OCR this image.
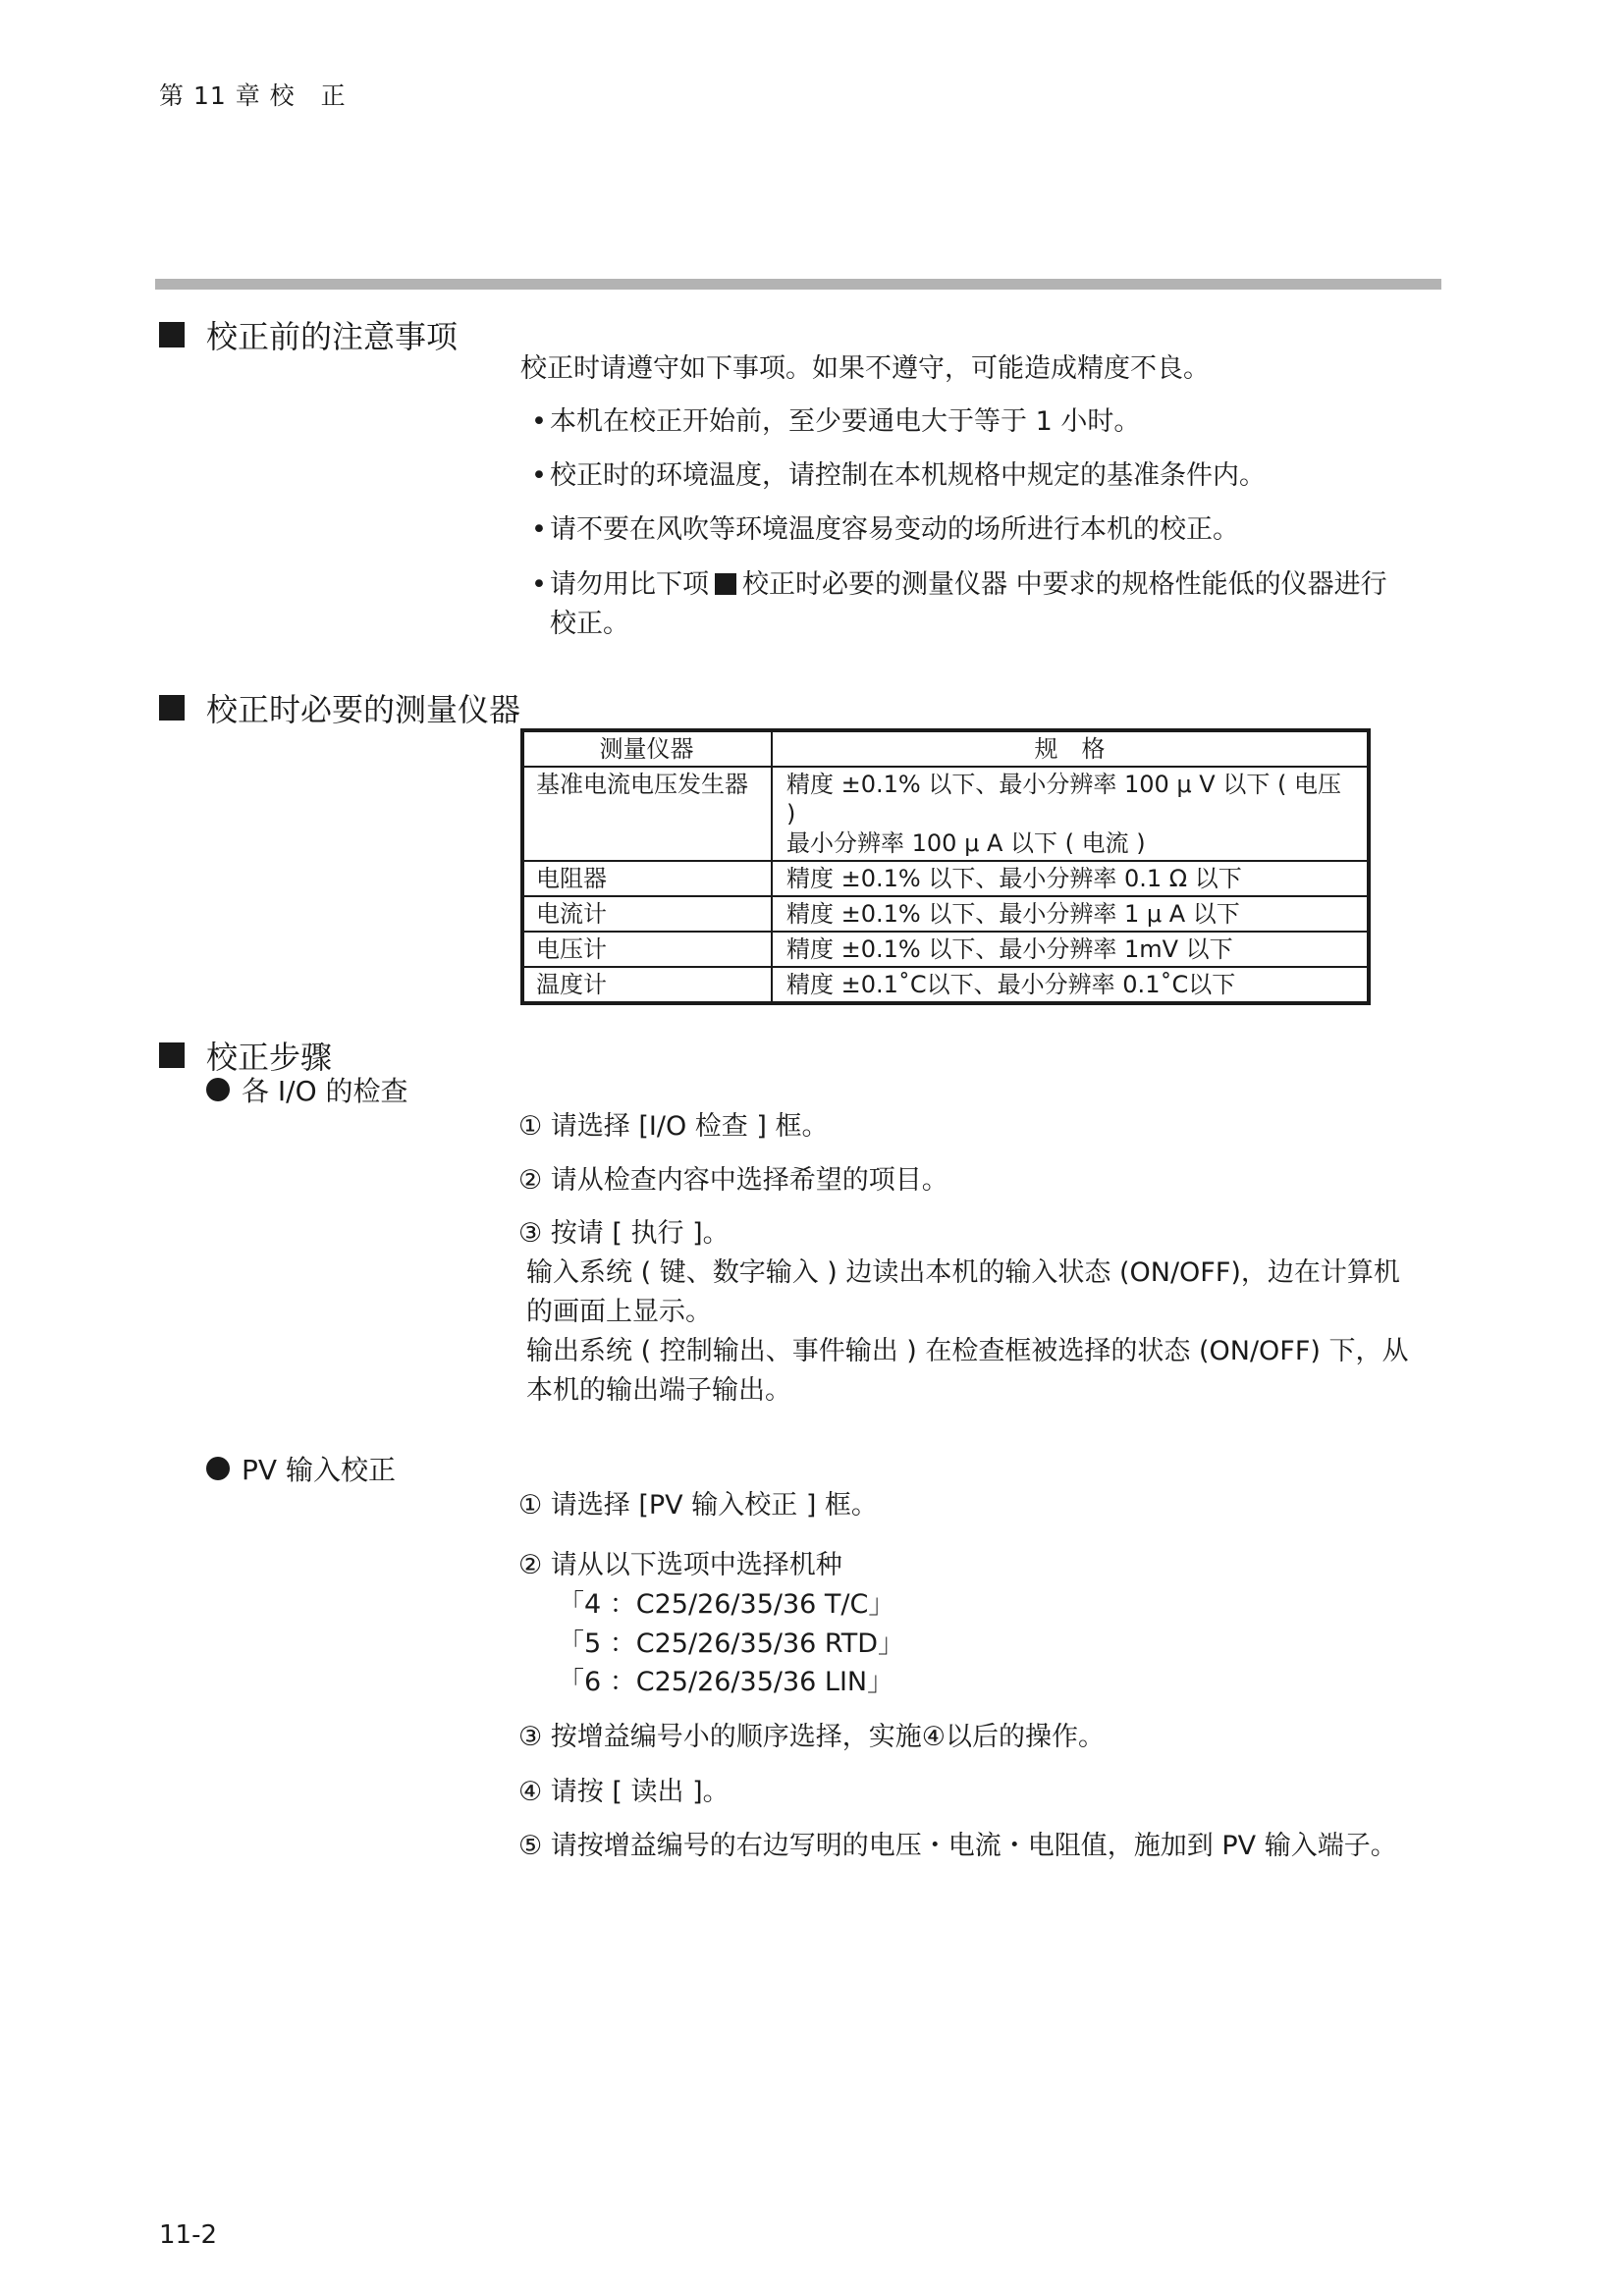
第 11 章 校　正
校正前的注意事项
校正时请遵守如下事项。如果不遵守，可能造成精度不良。
• 本机在校正开始前，至少要通电大于等于 1 小时。
• 校正时的环境温度，请控制在本机规格中规定的基准条件内。
• 请不要在风吹等环境温度容易变动的场所进行本机的校正。
• 请勿用比下项 校正时必要的测量仪器 中要求的规格性能低的仪器进行
校正。
校正时必要的测量仪器
测量仪器	规　格
基准电流电压发生器	精度 ±0.1% 以下、最小分辨率 100 μ V 以下 ( 电压 )
最小分辨率 100 μ A 以下 ( 电流 )

电阻器	精度 ±0.1% 以下、最小分辨率 0.1 Ω 以下
电流计	精度 ±0.1% 以下、最小分辨率 1 μ A 以下
电压计	精度 ±0.1% 以下、最小分辨率 1mV 以下
温度计	精度 ±0.1˚C以下、最小分辨率 0.1˚C以下
校正步骤
各 I/O 的检查
① 请选择 [I/O 检查 ] 框。
② 请从检查内容中选择希望的项目。
③ 按请 [ 执行 ]。
输入系统 ( 键、数字输入 ) 边读出本机的输入状态 (ON/OFF)，边在计算机
的画面上显示。
输出系统 ( 控制输出、事件输出 ) 在检查框被选择的状态 (ON/OFF) 下，从
本机的输出端子输出。
PV 输入校正
① 请选择 [PV 输入校正 ] 框。
② 请从以下选项中选择机种
「4 ：C25/26/35/36 T/C」
「5 ：C25/26/35/36 RTD」
「6 ：C25/26/35/36 LIN」
③ 按增益编号小的顺序选择，实施④以后的操作。
④ 请按 [ 读出 ]。
⑤ 请按增益编号的右边写明的电压・电流・电阻值，施加到 PV 输入端子。
11-2
